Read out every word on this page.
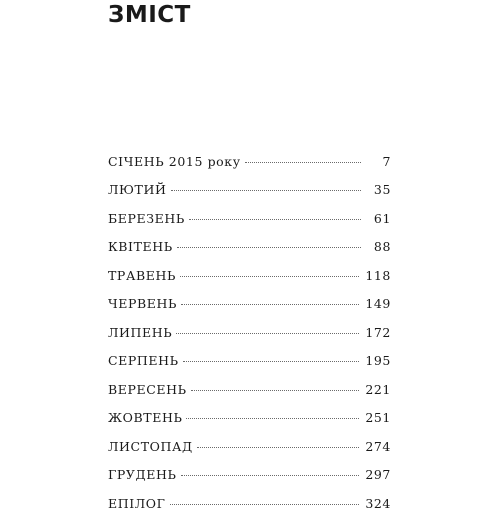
ЗМІСТ
СІЧЕНЬ 2015 року	7
ЛЮТИЙ	35
БЕРЕЗЕНЬ	61
КВІТЕНЬ	88
ТРАВЕНЬ	118
ЧЕРВЕНЬ	149
ЛИПЕНЬ	172
СЕРПЕНЬ	195
ВЕРЕСЕНЬ	221
ЖОВТЕНЬ	251
ЛИСТОПАД	274
ГРУДЕНЬ	297
ЕПІЛОГ	324
